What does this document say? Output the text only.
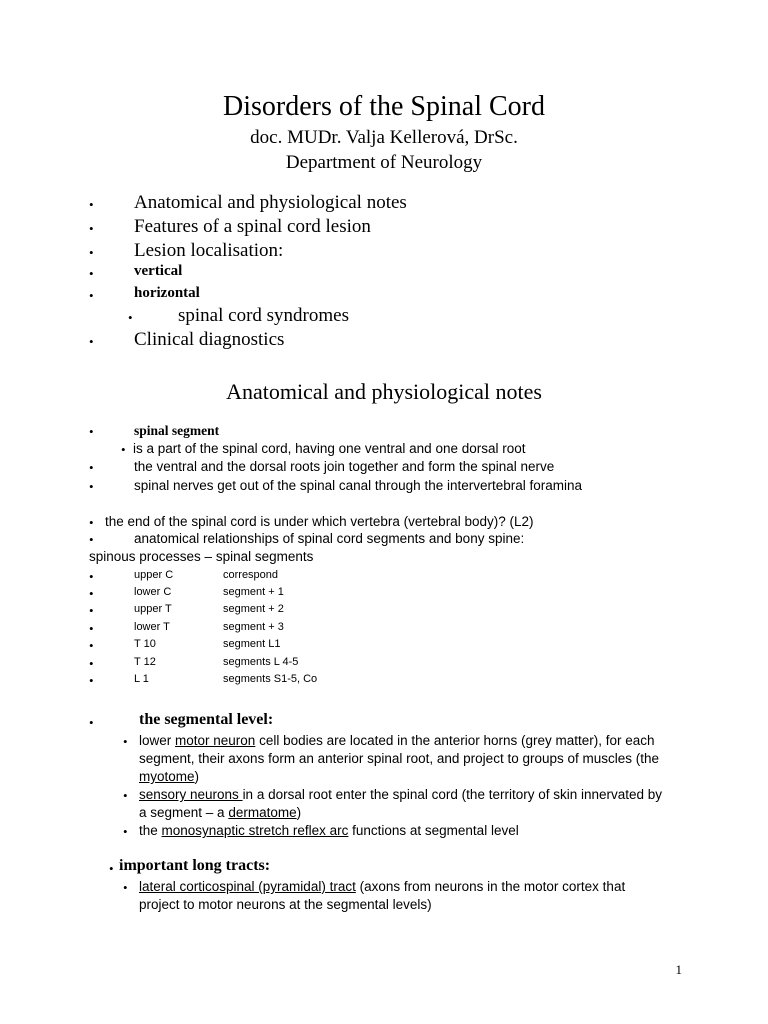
Disorders of the Spinal Cord
doc. MUDr. Valja Kellerová, DrSc.
Department of Neurology
• Anatomical and physiological notes
• Features of a spinal cord lesion
• Lesion localisation:
•	vertical
•	horizontal
• spinal cord syndromes
• Clinical diagnostics
Anatomical and physiological notes
•	spinal segment
• is a part of the spinal cord, having one ventral and one dorsal root
•	the ventral and the dorsal roots join together and form the spinal nerve
•	spinal nerves get out of the spinal canal through the intervertebral foramina
• the end of the spinal cord is under which vertebra (vertebral body)? (L2)
•	anatomical relationships of spinal cord segments and bony spine:
spinous processes – spinal segments
•	upper C	correspond
•	lower C	segment + 1
•	upper T	segment + 2
•	lower T	segment + 3
•	T 10	segment L1
•	T 12	segments L 4-5
•	L 1	segments S1-5, Co
•	the segmental level:
• lower motor neuron cell bodies are located in the anterior horns (grey matter), for each
segment, their axons form an anterior spinal root, and project to groups of muscles (the
myotome)
• sensory neurons in a dorsal root enter the spinal cord (the territory of skin innervated by
a segment – a dermatome)
• the monosynaptic stretch reflex arc functions at segmental level
• important long tracts:
• lateral corticospinal (pyramidal) tract (axons from neurons in the motor cortex that
project to motor neurons at the segmental levels)
1
